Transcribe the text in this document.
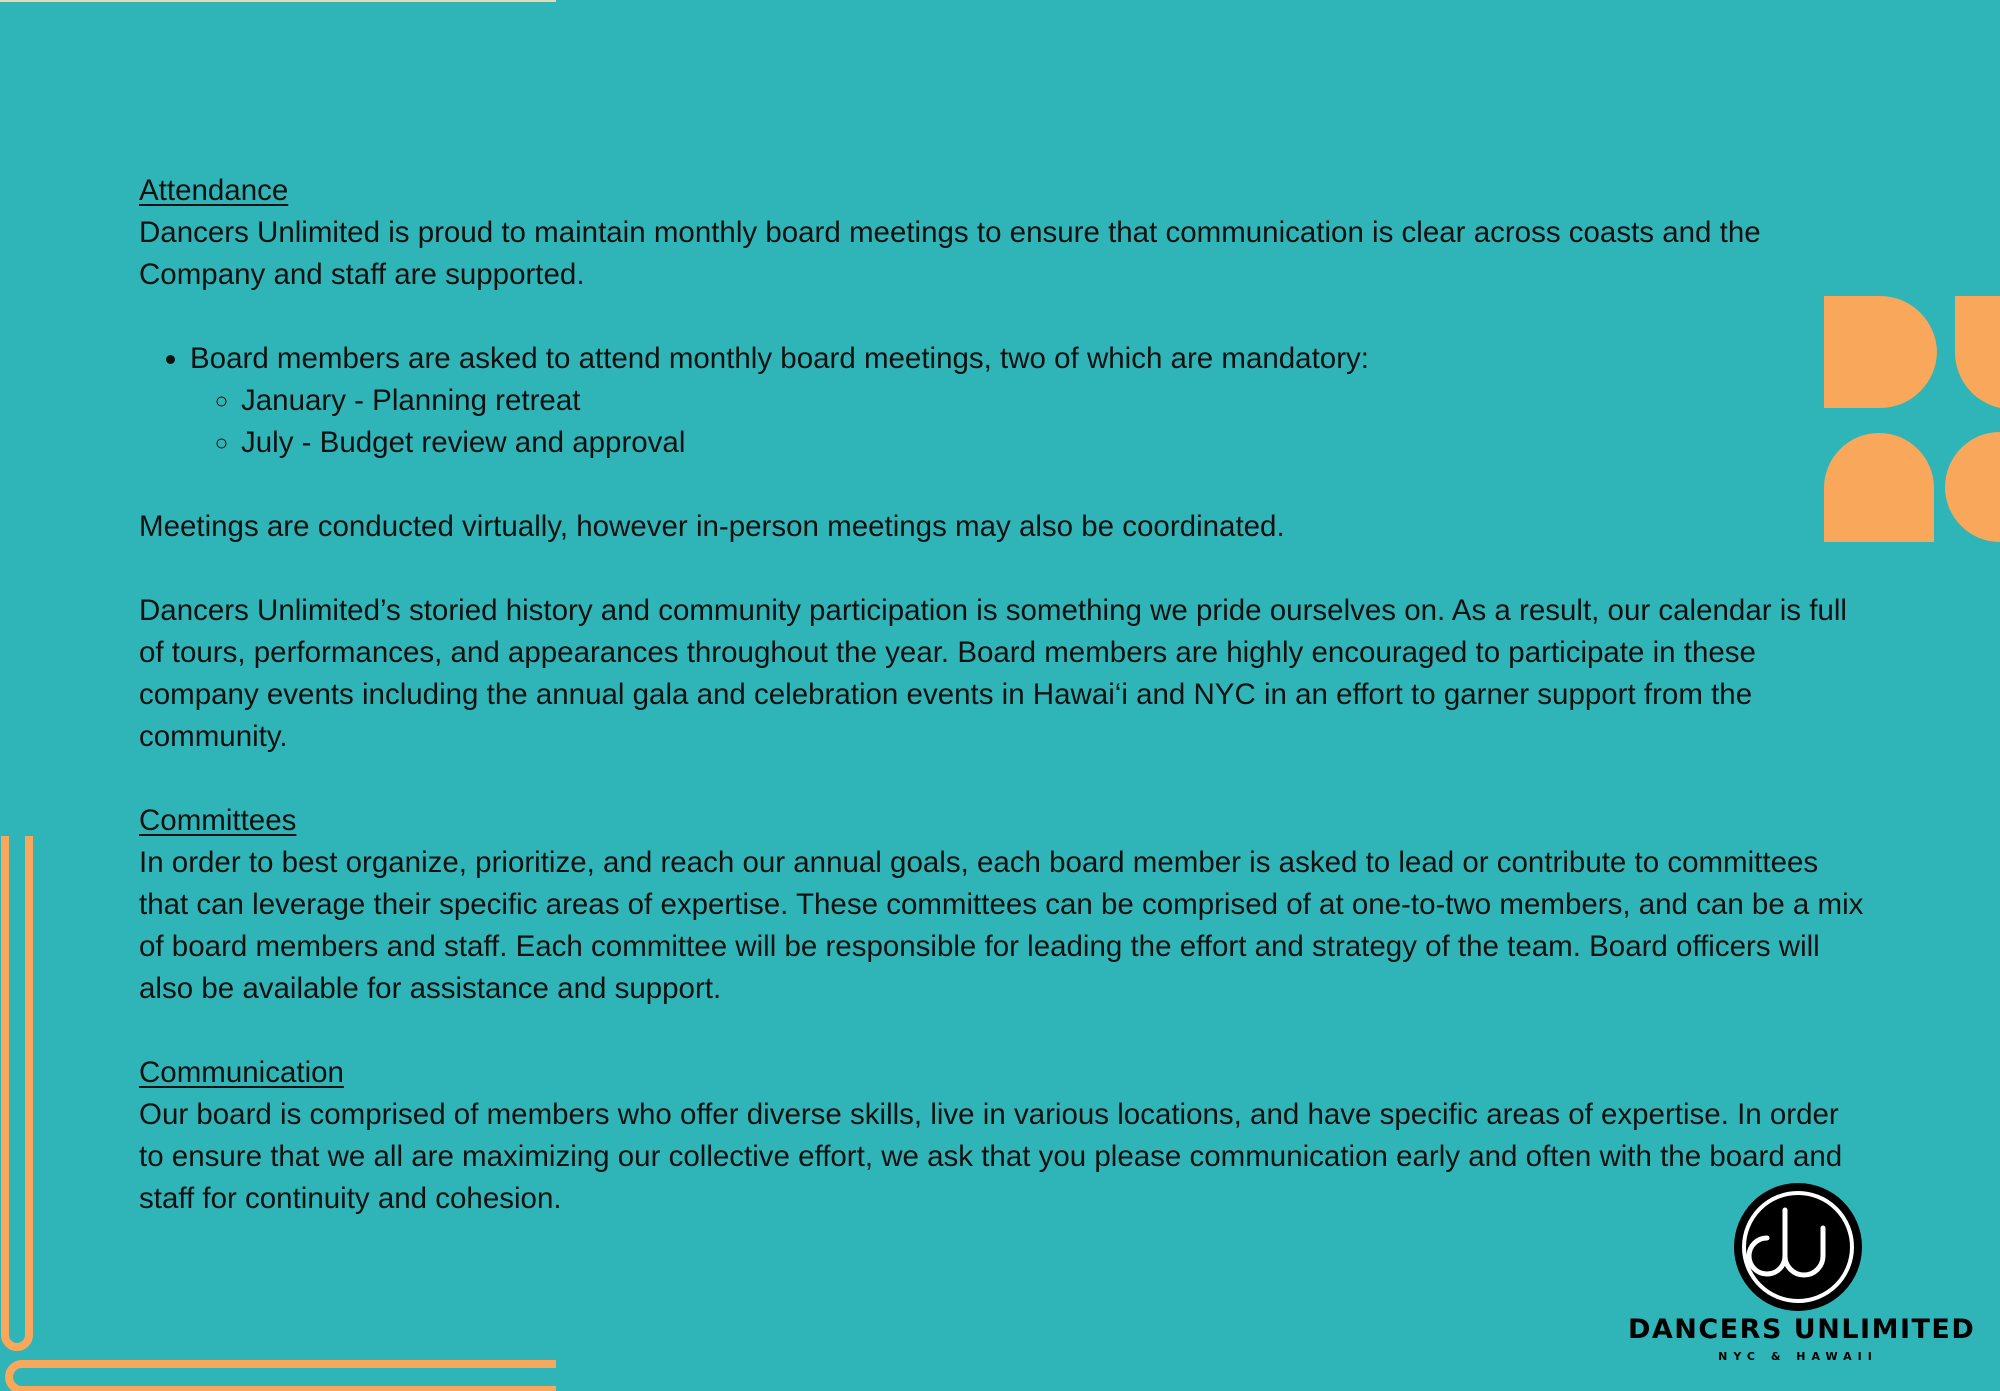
Attendance

Dancers Unlimited is proud to maintain monthly board meetings to ensure that communication is clear across coasts and the Company and staff are supported.

• Board members are asked to attend monthly board meetings, two of which are mandatory:
◦ January - Planning retreat
◦ July - Budget review and approval

Meetings are conducted virtually, however in-person meetings may also be coordinated.

Dancers Unlimited’s storied history and community participation is something we pride ourselves on. As a result, our calendar is full of tours, performances, and appearances throughout the year. Board members are highly encouraged to participate in these company events including the annual gala and celebration events in Hawai‘i and NYC in an effort to garner support from the community.

Committees

In order to best organize, prioritize, and reach our annual goals, each board member is asked to lead or contribute to committees that can leverage their specific areas of expertise. These committees can be comprised of at one-to-two members, and can be a mix of board members and staff. Each committee will be responsible for leading the effort and strategy of the team. Board officers will also be available for assistance and support.

Communication

Our board is comprised of members who offer diverse skills, live in various locations, and have specific areas of expertise. In order to ensure that we all are maximizing our collective effort, we ask that you please communication early and often with the board and staff for continuity and cohesion.

DANCERS UNLIMITED
NYC & HAWAII
